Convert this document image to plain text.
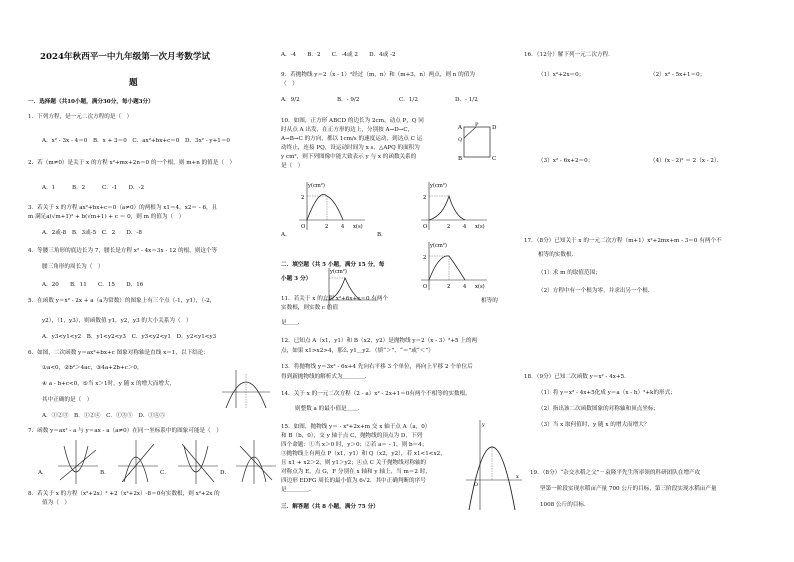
2024年秋西平一中九年级第一次月考数学试
题
一．选择题（共10小题，满分30分，每小题3分）
1．下列方程，是一元二次方程的是（　）
A．x² - 3x - 4＝0　B．x + 3＝0　C．ax²+bx+c＝0　D．3x² - y+1＝0
2．若（m≠0）是关于 x 的方程 x²+mx+2n＝0 的一个根，则 m+n 的值是（　）
A．1　　　B．2　　　C．-1　　D．-2
3．若关于 x 的方程 ax²+bx+c＝0（a≠0）的两根为 x1＝4，x2＝ - 6，且
m 满足a(√m+1)² + b(√m+1) + c ＝ 0，则 m 的值为（　）
A．2或-8　B．3或-5　C．2　　D．-8
4．等腰三角形的底边长为 7，腰长是方程 x² - 4x＝3x - 12 的根，则这个等
腰三角形的周长为（　）
A．20　　B．11　　C．15　　D．16
5．在函数 y＝x² - 2x + a（a为常数）的图象上有三个点（-1，y1），（-2，
y2），（1，y3），则函数值 y1，y2，y3 的大小关系为（　）
A．y3<y1<y2　B．y1<y2<y3　C．y3<y2<y1　D．y2<y1<y3
6．如图，二次函数 y＝ax²+bx+c 图象对称轴是直线 x＝1，以下结论：
①a<0，②b²＞4ac，③4a+2b+c＞0，
④ a - b+c<0，⑤当 x＞1时，y 随 x 的增大而增大，
其中正确的是（　）
A．①②③　B．①②④　C．①③⑤　D．①④⑤
7．函数 y＝ax² - a 与 y＝ax - a（a≠0）在同一坐标系中的图象可能是（　）
A．	B．	C．	D．
8．若关于 x 的方程（x²+2x）² +2（x²+2x）-8＝0有实数根，则 x²+2x 的
值为（　）
A．-4　　B．2　　C．-4或 2　　D．4或 -2
9．若抛物线 y＝2（x - 1）²经过（m，n）和（m+3，n）两点，则 n 的值为
（　）
A．9/2	B．- 9/2	C．1/2	D．- 1/2
10．如图，正方形 ABCD 的边长为 2cm，动点 P，Q 同
时从点 A 出发，在正方形的边上，分别按 A→D→C，
A→B→C 的方向，都以 1cm/s 的速度运动，到达点 C 运
动终止，连接 PQ，设运动时间为 x s，△APQ 的面积为
y cm²，则下列图像中能大致表示 y 与 x 的函数关系的
是（　）
A	D
B	C
P
Q
y(cm²)
2
O	2 4 x(s)
A．
y(cm²)
2
O	2 4 x(s)
B．
二．填空题（共 5 小题，满分 15 分，每
小题 3 分）
y(cm²)
2
O	2 4 x(s)
y(cm²)
11．若关于 x 的方程 x²+6x+c＝0 有两个
实数根，则实数 c 的值
相等的
是＿＿．
12．已知点 A（x1，y1）和 B（x2，y2）是抛物线 y＝2（x - 3）²+5 上的两
点，如果 x1>x2>4，那么 y1＿y2．（填“＞”、“＝”或“＜”）
13．将抛物线 y＝3x² - 6x+4 先向右平移 3 个单位，再向上平移 2 个单位后
得到新抛物线的解析式为＿＿＿＿．
14．关于 x 的一元二次方程（2 - a）x² - 2x+1＝0有两个不相等的实数根，
则整数 a 的最小值是＿＿．
15．如图，抛物线 y＝ - x²+2x+m 交 x 轴于点 A（a，0）
和 B（b，0），交 y 轴于点 C，抛物线的顶点为 D，下列
四个命题：①当 x＞0 时，y＞0；②若 a＝ - 1，则 b＝4；
③抛物线上有两点 P（x1，y1）和 Q（x2，y2），若 x1<1<x2，
且 x1 + x2＞2，则 y1＞y2；④点 C 关于抛物线对称轴的
对称点为 E，点 G，F 分别在 x 轴和 y 轴上，当 m＝2 时，
四边形 EDFG 周长的最小值为 6√2．其中正确判断的序号
是＿＿＿＿．
三．解答题（共 8 小题，满分 75 分）
y
x
O
16．（12分）解下列一元二次方程．
（1）x²+2x＝0；	（2）x² - 5x+1＝0；
（3）x² - 6x+2＝0；	（4）(x - 2)² ＝ 2（x - 2）．
17．（8分）已知关于 x 的一元二次方程（m+1）x²+2mx+m - 3＝0 有两个不
相等的实数根．
（1）求 m 的取值范围；
（2）方程中有一个根为零，并求出另一个根．
18．（9分）已知二次函数 y＝x² - 4x+5．
（1）将 y＝x² - 4x+5化成 y＝a（x - h）²+k的形式；
（2）指出该二次函数图象的对称轴和顶点坐标；
（3）当 x 取何值时，y 随 x 的增大而增大？
19．（8分）“杂交水稻之父”－袁隆平先生所率领的科研团队在增产攻
坚第一阶段实现水稻亩产量 700 公斤的目标，第三阶段实现水稻亩产量
1008 公斤的目标．
